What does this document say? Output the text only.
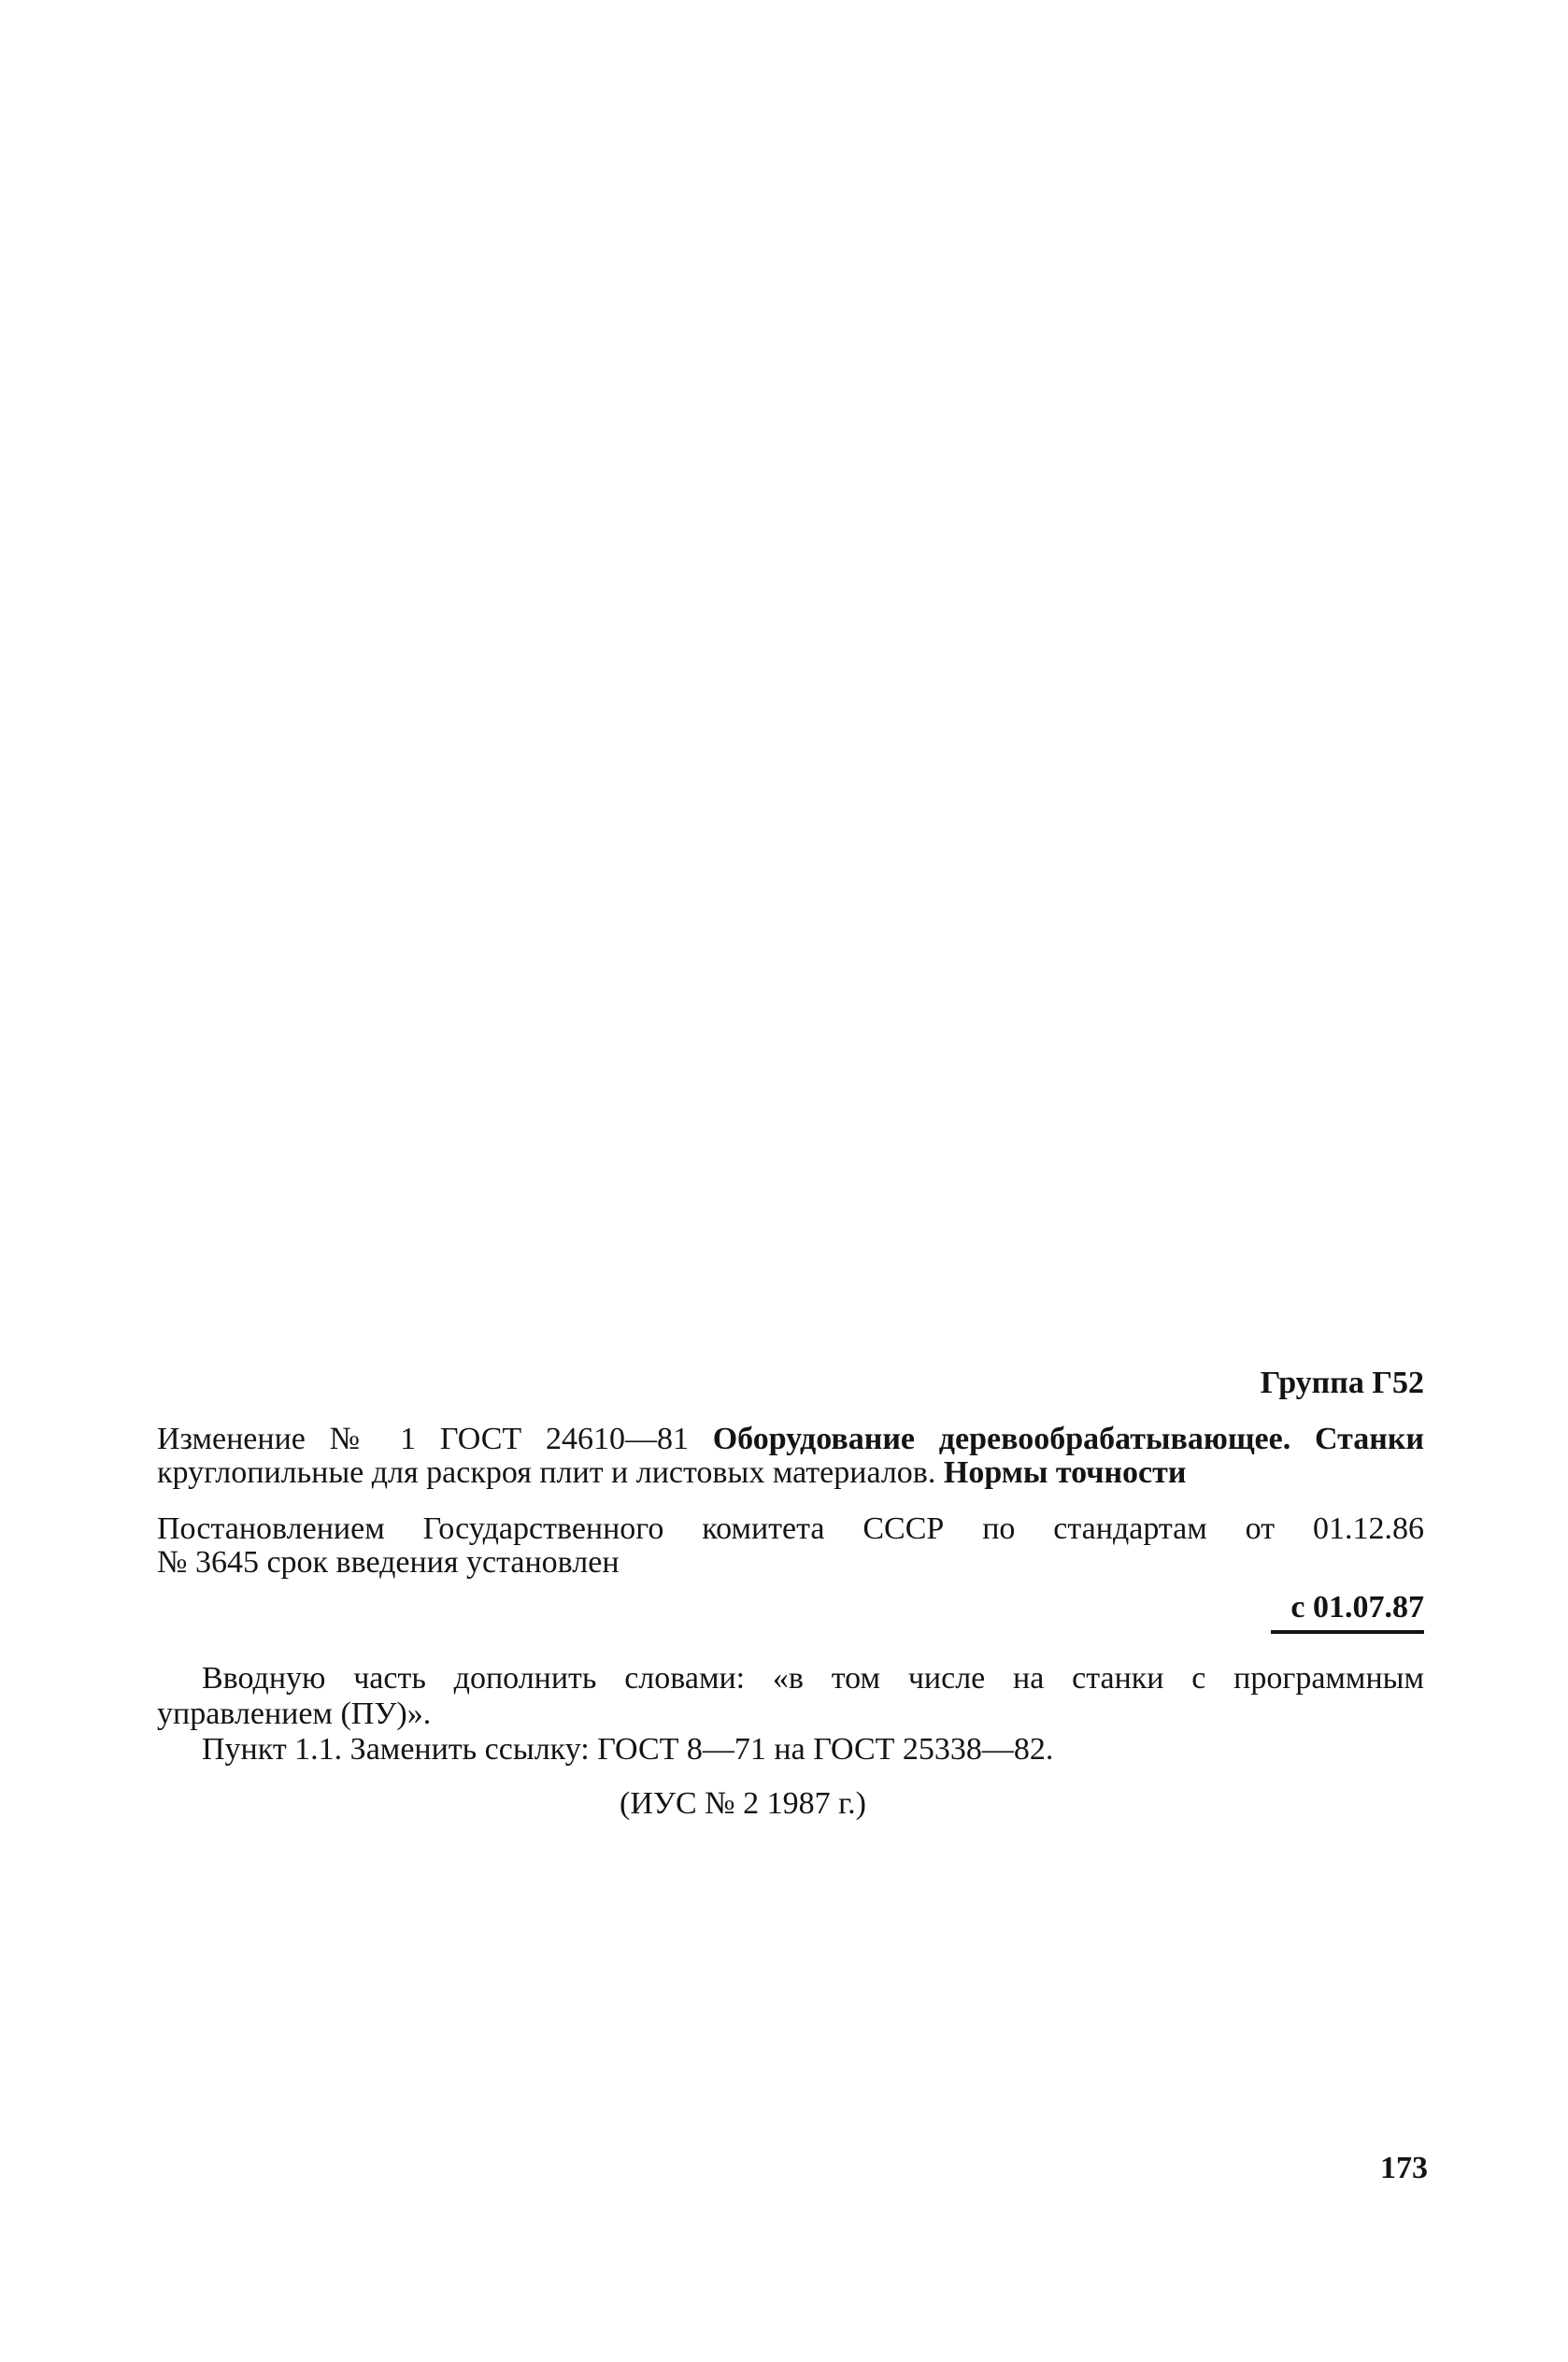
Группа Г52
Изменение № 1 ГОСТ 24610—81 Оборудование деревообрабатывающее. Станки
круглопильные для раскроя плит и листовых материалов. Нормы точности
Постановлением Государственного комитета СССР по стандартам от 01.12.86
№ 3645 срок введения установлен
с 01.07.87
Вводную часть дополнить словами: «в том числе на станки с программным
управлением (ПУ)».
Пункт 1.1. Заменить ссылку: ГОСТ 8—71 на ГОСТ 25338—82.
(ИУС № 2 1987 г.)
173
